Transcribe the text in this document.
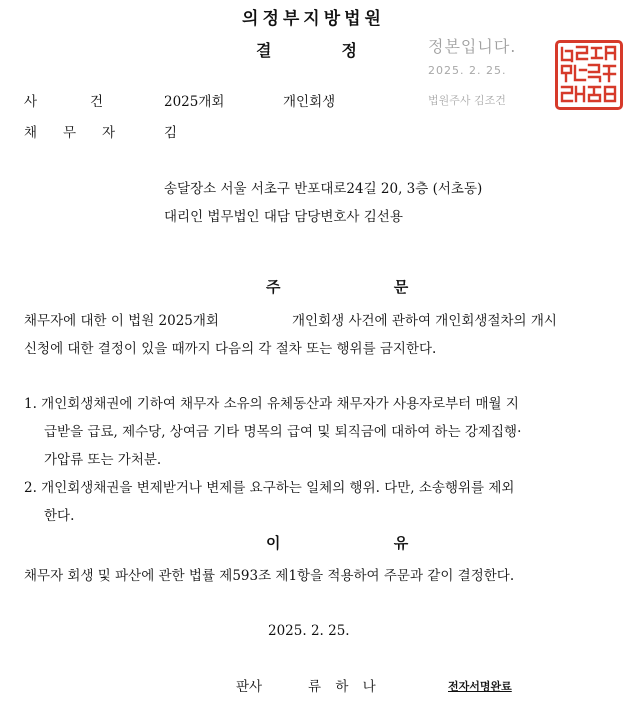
의정부지방법원
결정 정본입니다.
2025. 2. 25.
법원주사 김조건
사	건	2025개회	개인회생
채 무 자	김
송달장소 서울 서초구 반포대로24길 20, 3층 (서초동)
대리인 법무법인 대담 담당변호사 김선용
주 문
채무자에 대한 이 법원 2025개회	개인회생 사건에 관하여 개인회생절차의 개시
신청에 대한 결정이 있을 때까지 다음의 각 절차 또는 행위를 금지한다.
1. 개인회생채권에 기하여 채무자 소유의 유체동산과 채무자가 사용자로부터 매월 지
급받을 급료, 제수당, 상여금 기타 명목의 급여 및 퇴직금에 대하여 하는 강제집행·
가압류 또는 가처분.
2. 개인회생채권을 변제받거나 변제를 요구하는 일체의 행위. 다만, 소송행위를 제외
한다.
이 유
채무자 회생 및 파산에 관한 법률 제593조 제1항을 적용하여 주문과 같이 결정한다.
2025. 2. 25.
판사	류 하 나	전자서명완료
